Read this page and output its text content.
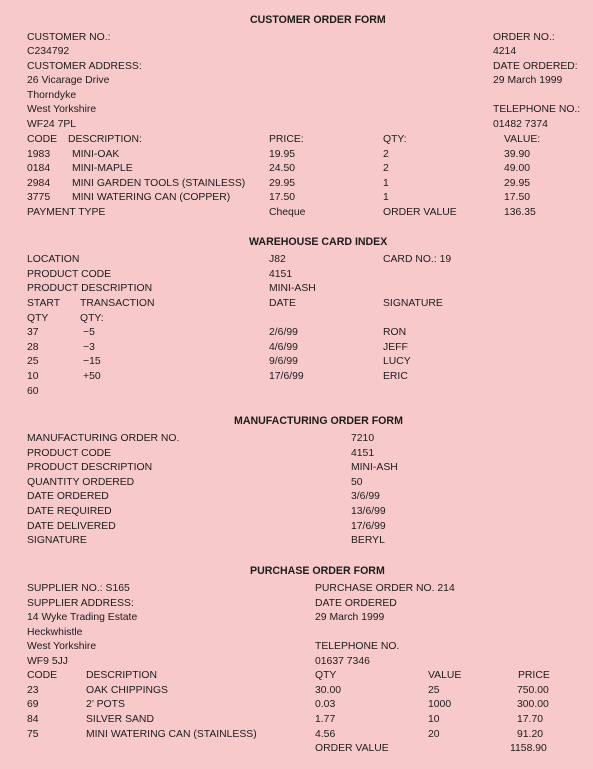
CUSTOMER ORDER FORM
CUSTOMER NO.:
C234792
CUSTOMER ADDRESS:
26 Vicarage Drive
Thorndyke
West Yorkshire
WF24 7PL
ORDER NO.:
4214
DATE ORDERED:
29 March 1999
TELEPHONE NO.:
01482 7374
CODE DESCRIPTION:	PRICE:	QTY:	VALUE:
1983 MINI-OAK	19.95	2	39.90
0184 MINI-MAPLE	24.50	2	49.00
2984 MINI GARDEN TOOLS (STAINLESS) 29.95	1	29.95
3775 MINI WATERING CAN (COPPER)	17.50	1	17.50
PAYMENT TYPE	Cheque	ORDER VALUE	136.35
WAREHOUSE CARD INDEX
LOCATION	J82	CARD NO.: 19
PRODUCT CODE	4151
PRODUCT DESCRIPTION	MINI-ASH
START TRANSACTION	DATE	SIGNATURE
QTY	QTY:
37	−5	2/6/99	RON
28	−3	4/6/99	JEFF
25	−15	9/6/99	LUCY
10	+50	17/6/99	ERIC
60
MANUFACTURING ORDER FORM
MANUFACTURING ORDER NO.	7210
PRODUCT CODE	4151
PRODUCT DESCRIPTION	MINI-ASH
QUANTITY ORDERED	50
DATE ORDERED	3/6/99
DATE REQUIRED	13/6/99
DATE DELIVERED	17/6/99
SIGNATURE	BERYL
PURCHASE ORDER FORM
SUPPLIER NO.: S165
SUPPLIER ADDRESS:
14 Wyke Trading Estate
Heckwhistle
West Yorkshire
WF9 5JJ
PURCHASE ORDER NO. 214
DATE ORDERED
29 March 1999
TELEPHONE NO.
01637 7346
CODE	DESCRIPTION	QTY	VALUE	PRICE
23	OAK CHIPPINGS	30.00	25	750.00
69	2’ POTS	0.03	1000	300.00
84	SILVER SAND	1.77	10	17.70
75	MINI WATERING CAN (STAINLESS)	4.56	20	91.20
ORDER VALUE	1158.90
